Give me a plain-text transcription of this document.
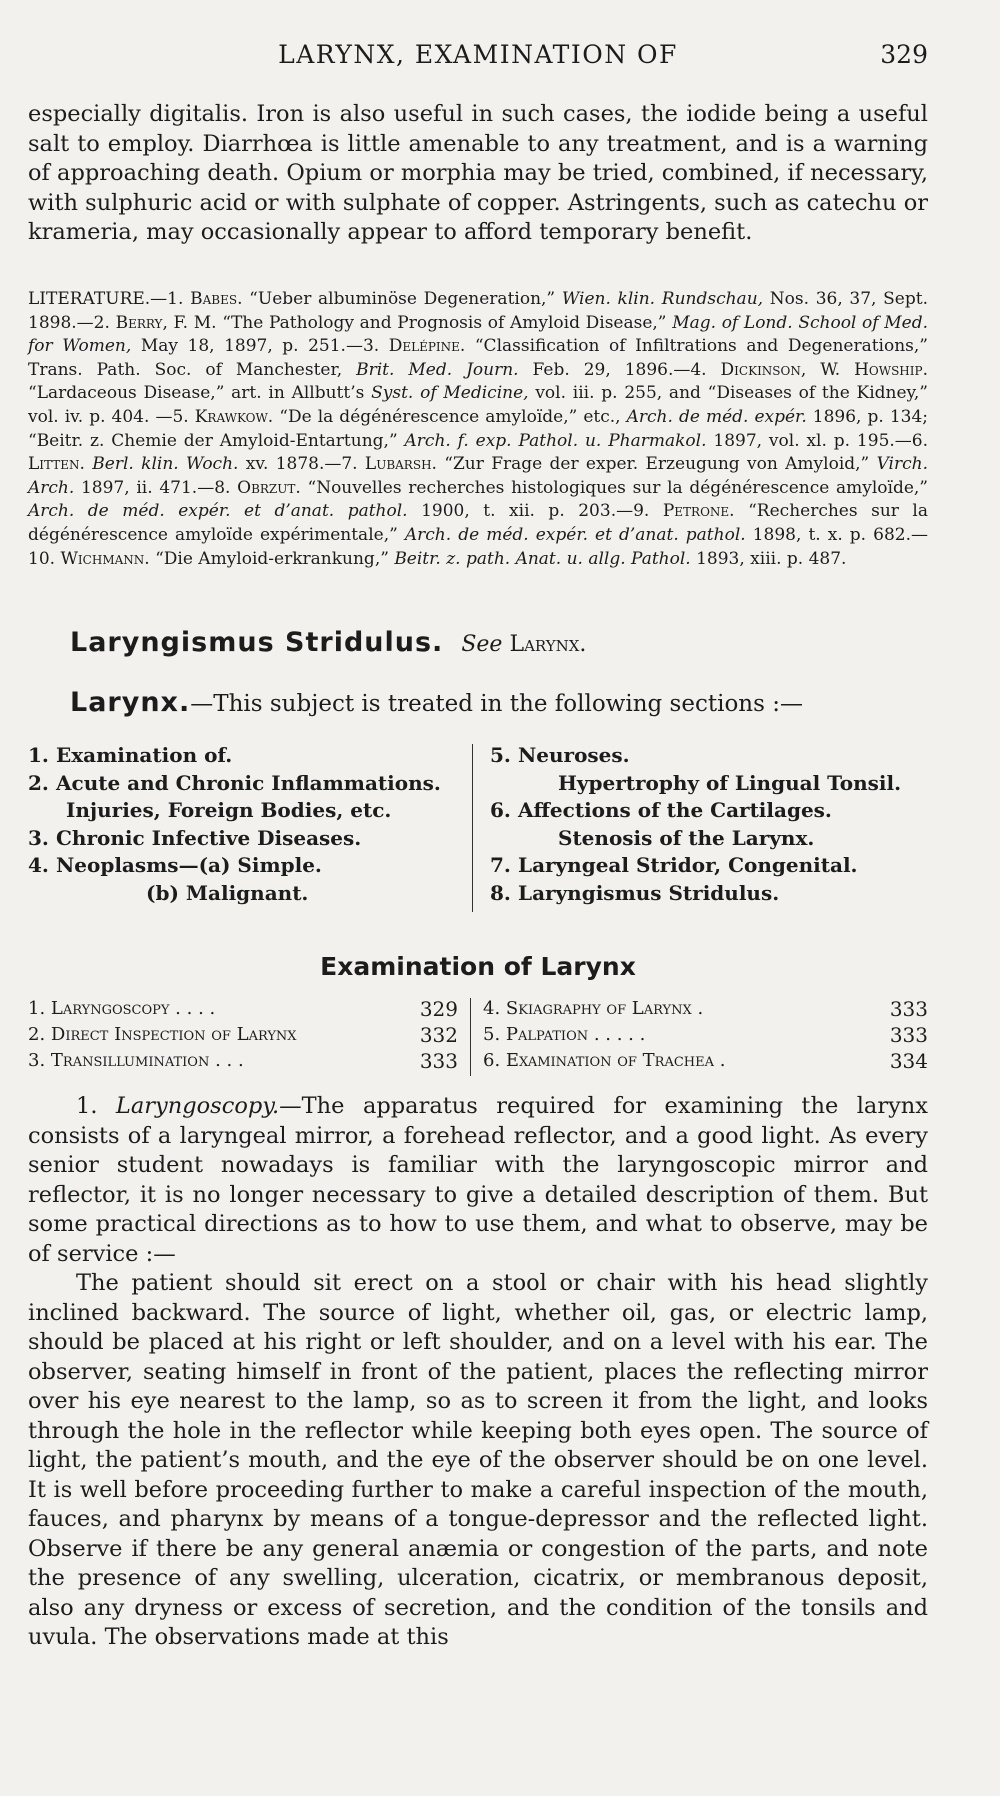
LARYNX, EXAMINATION OF	329

especially digitalis. Iron is also useful in such cases, the iodide being a useful salt to employ. Diarrhœa is little amenable to any treatment, and is a warning of approaching death. Opium or morphia may be tried, combined, if necessary, with sulphuric acid or with sulphate of copper. Astringents, such as catechu or krameria, may occasionally appear to afford temporary benefit.

LITERATURE.—1. Babes. “Ueber albuminöse Degeneration,” Wien. klin. Rundschau, Nos. 36, 37, Sept. 1898.—2. Berry, F. M. “The Pathology and Prognosis of Amyloid Disease,” Mag. of Lond. School of Med. for Women, May 18, 1897, p. 251.—3. Delépine. “Classification of Infiltrations and Degenerations,” Trans. Path. Soc. of Manchester, Brit. Med. Journ. Feb. 29, 1896.—4. Dickinson, W. Howship. “Lardaceous Disease,” art. in Allbutt’s Syst. of Medicine, vol. iii. p. 255, and “Diseases of the Kidney,” vol. iv. p. 404. —5. Krawkow. “De la dégénérescence amyloïde,” etc., Arch. de méd. expér. 1896, p. 134; “Beitr. z. Chemie der Amyloid-Entartung,” Arch. f. exp. Pathol. u. Pharmakol. 1897, vol. xl. p. 195.—6. Litten. Berl. klin. Woch. xv. 1878.—7. Lubarsh. “Zur Frage der exper. Erzeugung von Amyloid,” Virch. Arch. 1897, ii. 471.—8. Obrzut. “Nouvelles recherches histologiques sur la dégénérescence amyloïde,” Arch. de méd. expér. et d’anat. pathol. 1900, t. xii. p. 203.—9. Petrone. “Recherches sur la dégénérescence amyloïde expérimentale,” Arch. de méd. expér. et d’anat. pathol. 1898, t. x. p. 682.—10. Wichmann. “Die Amyloid-erkrankung,” Beitr. z. path. Anat. u. allg. Pathol. 1893, xiii. p. 487.

Laryngismus Stridulus. See Larynx.
Larynx.—This subject is treated in the following sections :—
1. Examination of.
2. Acute and Chronic Inflammations.
Injuries, Foreign Bodies, etc.
3. Chronic Infective Diseases.
4. Neoplasms—(a) Simple.
(b) Malignant.
5. Neuroses.
Hypertrophy of Lingual Tonsil.
6. Affections of the Cartilages.
Stenosis of the Larynx.
7. Laryngeal Stridor, Congenital.
8. Laryngismus Stridulus.
Examination of Larynx
1. Laryngoscopy . . . .	329
2. Direct Inspection of Larynx	332
3. Transillumination . . .	333
4. Skiagraphy of Larynx .	333
5. Palpation . . . . .	333
6. Examination of Trachea .	334

1. Laryngoscopy.—The apparatus required for examining the larynx consists of a laryngeal mirror, a forehead reflector, and a good light. As every senior student nowadays is familiar with the laryngoscopic mirror and reflector, it is no longer necessary to give a detailed description of them. But some practical directions as to how to use them, and what to observe, may be of service :—

The patient should sit erect on a stool or chair with his head slightly inclined backward. The source of light, whether oil, gas, or electric lamp, should be placed at his right or left shoulder, and on a level with his ear. The observer, seating himself in front of the patient, places the reflecting mirror over his eye nearest to the lamp, so as to screen it from the light, and looks through the hole in the reflector while keeping both eyes open. The source of light, the patient’s mouth, and the eye of the observer should be on one level. It is well before proceeding further to make a careful inspection of the mouth, fauces, and pharynx by means of a tongue-depressor and the reflected light. Observe if there be any general anæmia or congestion of the parts, and note the presence of any swelling, ulceration, cicatrix, or membranous deposit, also any dryness or excess of secretion, and the condition of the tonsils and uvula. The observations made at this
